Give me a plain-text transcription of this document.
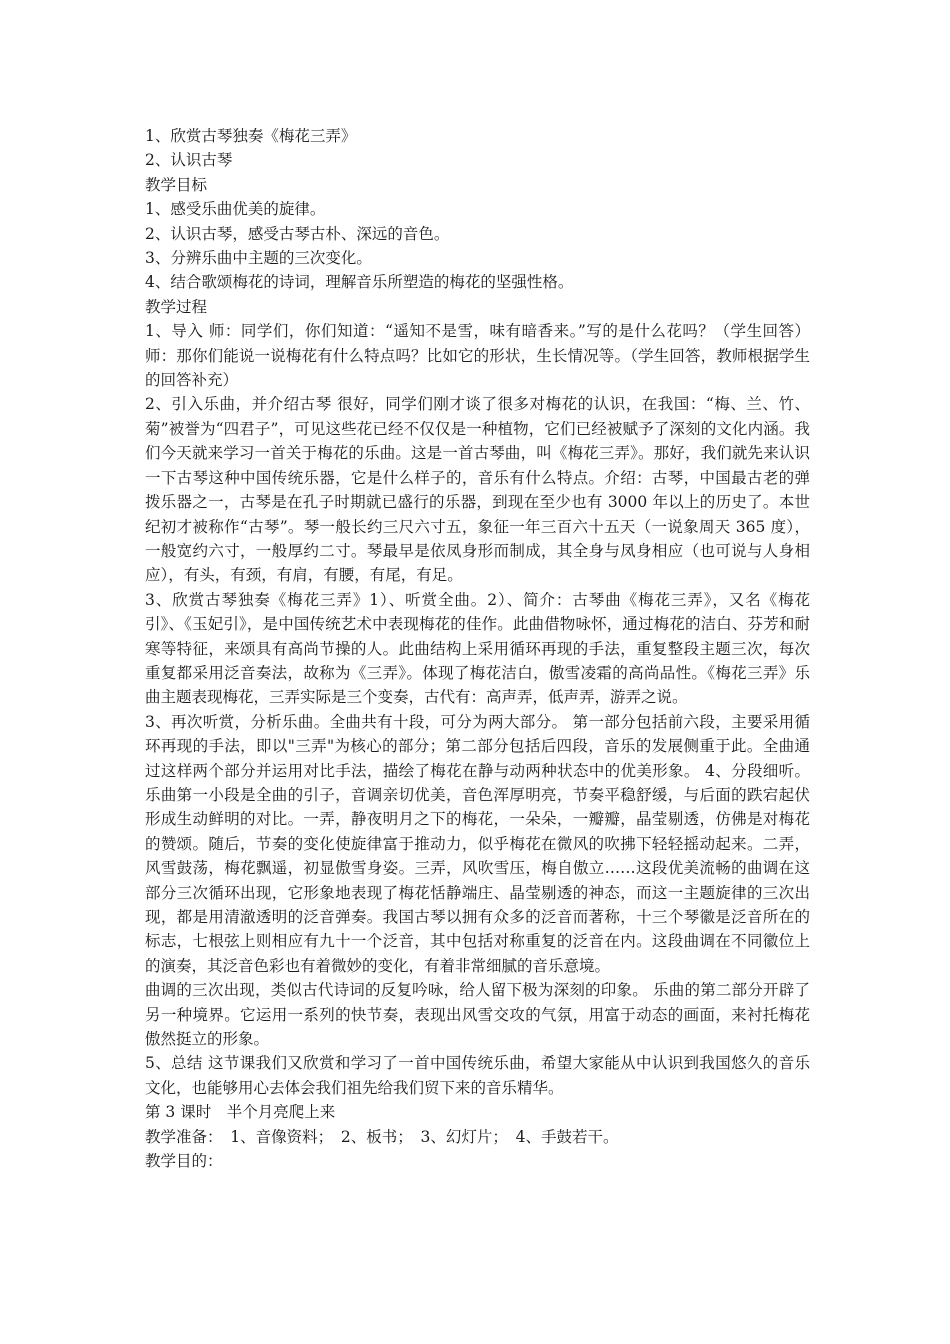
1、欣赏古琴独奏《梅花三弄》

2、认识古琴

教学目标

1、感受乐曲优美的旋律。

2、认识古琴，感受古琴古朴、深远的音色。

3、分辨乐曲中主题的三次变化。

4、结合歌颂梅花的诗词，理解音乐所塑造的梅花的坚强性格。

教学过程

1、导入 师：同学们，你们知道：“遥知不是雪，味有暗香来。”写的是什么花吗？（学生回答）师：那你们能说一说梅花有什么特点吗？比如它的形状，生长情况等。（学生回答，教师根据学生的回答补充）

2、引入乐曲，并介绍古琴 很好，同学们刚才谈了很多对梅花的认识，在我国：“梅、兰、竹、菊”被誉为“四君子”，可见这些花已经不仅仅是一种植物，它们已经被赋予了深刻的文化内涵。我们今天就来学习一首关于梅花的乐曲。这是一首古琴曲，叫《梅花三弄》。那好，我们就先来认识一下古琴这种中国传统乐器，它是什么样子的，音乐有什么特点。介绍：古琴，中国最古老的弹拨乐器之一，古琴是在孔子时期就已盛行的乐器，到现在至少也有 3000 年以上的历史了。本世纪初才被称作“古琴”。琴一般长约三尺六寸五，象征一年三百六十五天（一说象周天 365 度），一般宽约六寸，一般厚约二寸。琴最早是依凤身形而制成，其全身与凤身相应（也可说与人身相应），有头，有颈，有肩，有腰，有尾，有足。

3、欣赏古琴独奏《梅花三弄》1）、听赏全曲。2）、简介：古琴曲《梅花三弄》，又名《梅花引》、《玉妃引》，是中国传统艺术中表现梅花的佳作。此曲借物咏怀，通过梅花的洁白、芬芳和耐寒等特征，来颂具有高尚节操的人。此曲结构上采用循环再现的手法，重复整段主题三次，每次重复都采用泛音奏法，故称为《三弄》。体现了梅花洁白，傲雪凌霜的高尚品性。《梅花三弄》乐曲主题表现梅花，三弄实际是三个变奏，古代有：高声弄，低声弄，游弄之说。

3、再次听赏，分析乐曲。全曲共有十段，可分为两大部分。 第一部分包括前六段，主要采用循环再现的手法，即以"三弄"为核心的部分；第二部分包括后四段，音乐的发展侧重于此。全曲通过这样两个部分并运用对比手法，描绘了梅花在静与动两种状态中的优美形象。 4、分段细听。乐曲第一小段是全曲的引子，音调亲切优美，音色浑厚明亮，节奏平稳舒缓，与后面的跌宕起伏形成生动鲜明的对比。一弄，静夜明月之下的梅花，一朵朵，一瓣瓣，晶莹剔透，仿佛是对梅花的赞颂。随后，节奏的变化使旋律富于推动力，似乎梅花在微风的吹拂下轻轻摇动起来。二弄，风雪鼓荡，梅花飘遥，初显傲雪身姿。三弄，风吹雪压，梅自傲立……这段优美流畅的曲调在这部分三次循环出现，它形象地表现了梅花恬静端庄、晶莹剔透的神态，而这一主题旋律的三次出现，都是用清澈透明的泛音弹奏。我国古琴以拥有众多的泛音而著称，十三个琴徽是泛音所在的标志，七根弦上则相应有九十一个泛音，其中包括对称重复的泛音在内。这段曲调在不同徽位上的演奏，其泛音色彩也有着微妙的变化，有着非常细腻的音乐意境。

曲调的三次出现，类似古代诗词的反复吟咏，给人留下极为深刻的印象。 乐曲的第二部分开辟了另一种境界。它运用一系列的快节奏，表现出风雪交攻的气氛，用富于动态的画面，来衬托梅花傲然挺立的形象。

5、总结 这节课我们又欣赏和学习了一首中国传统乐曲，希望大家能从中认识到我国悠久的音乐文化，也能够用心去体会我们祖先给我们贸下来的音乐精华。

第 3 课时　半个月亮爬上来

教学准备：　1、音像资料；　2、板书；　3、幻灯片；　4、手鼓若干。

教学目的：
